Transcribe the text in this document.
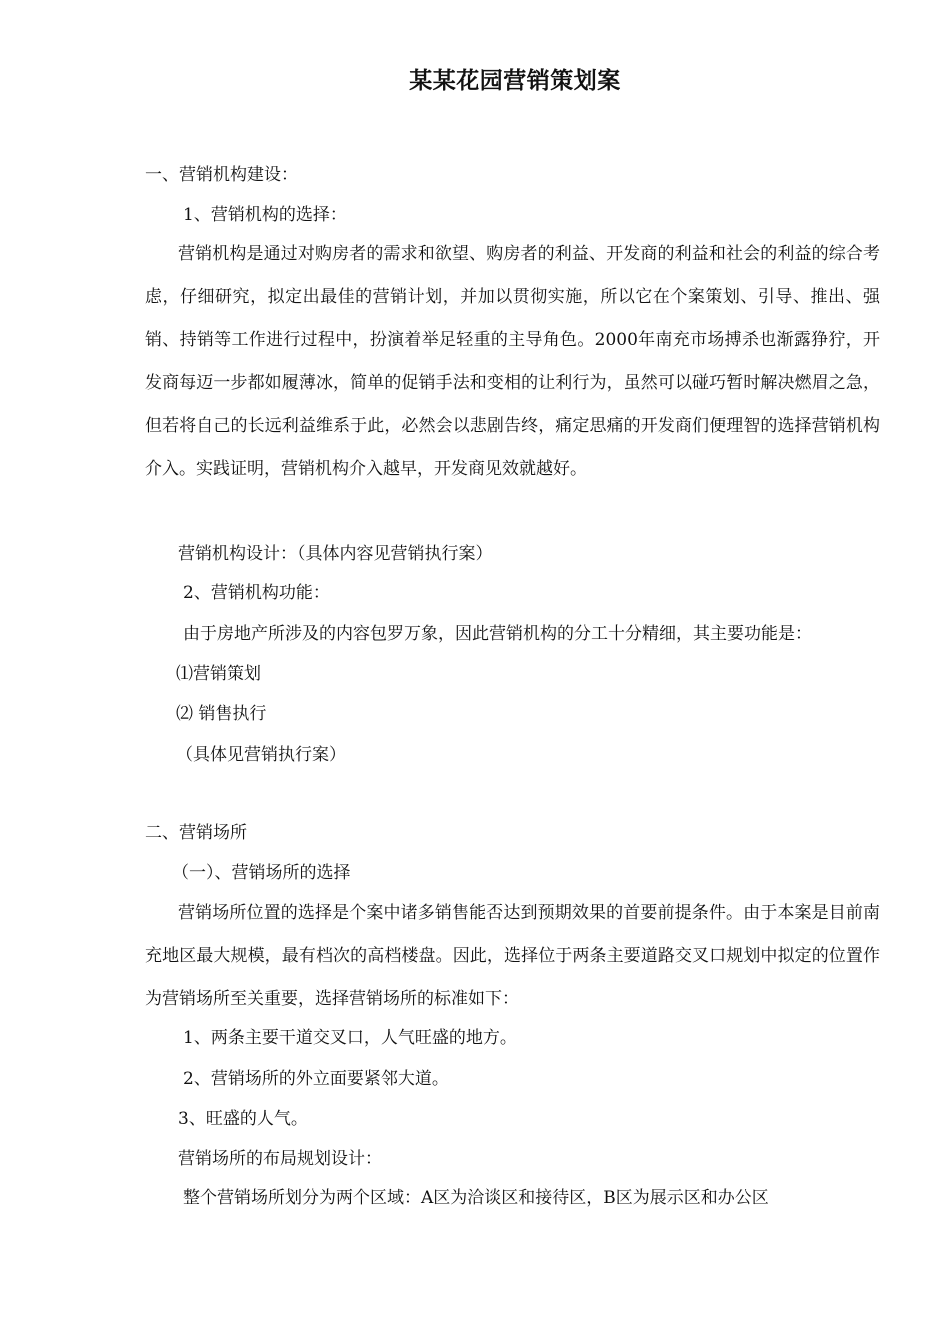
某某花园营销策划案
一、营销机构建设：
1、营销机构的选择：

营销机构是通过对购房者的需求和欲望、购房者的利益、开发商的利益和社会的利益的综合考虑，仔细研究，拟定出最佳的营销计划，并加以贯彻实施，所以它在个案策划、引导、推出、强销、持销等工作进行过程中，扮演着举足轻重的主导角色。2000年南充市场搏杀也渐露狰狞，开发商每迈一步都如履薄冰，简单的促销手法和变相的让利行为，虽然可以碰巧暂时解决燃眉之急，但若将自己的长远利益维系于此，必然会以悲剧告终，痛定思痛的开发商们便理智的选择营销机构介入。实践证明，营销机构介入越早，开发商见效就越好。

营销机构设计：（具体内容见营销执行案）
2、营销机构功能：
由于房地产所涉及的内容包罗万象，因此营销机构的分工十分精细，其主要功能是：
⑴营销策划
⑵ 销售执行
（具体见营销执行案）
二、营销场所
（一）、营销场所的选择

营销场所位置的选择是个案中诸多销售能否达到预期效果的首要前提条件。由于本案是目前南充地区最大规模，最有档次的高档楼盘。因此，选择位于两条主要道路交叉口规划中拟定的位置作为营销场所至关重要，选择营销场所的标准如下：

1、两条主要干道交叉口，人气旺盛的地方。
2、营销场所的外立面要紧邻大道。
3、旺盛的人气。
营销场所的布局规划设计：
整个营销场所划分为两个区域：A区为洽谈区和接待区，B区为展示区和办公区
